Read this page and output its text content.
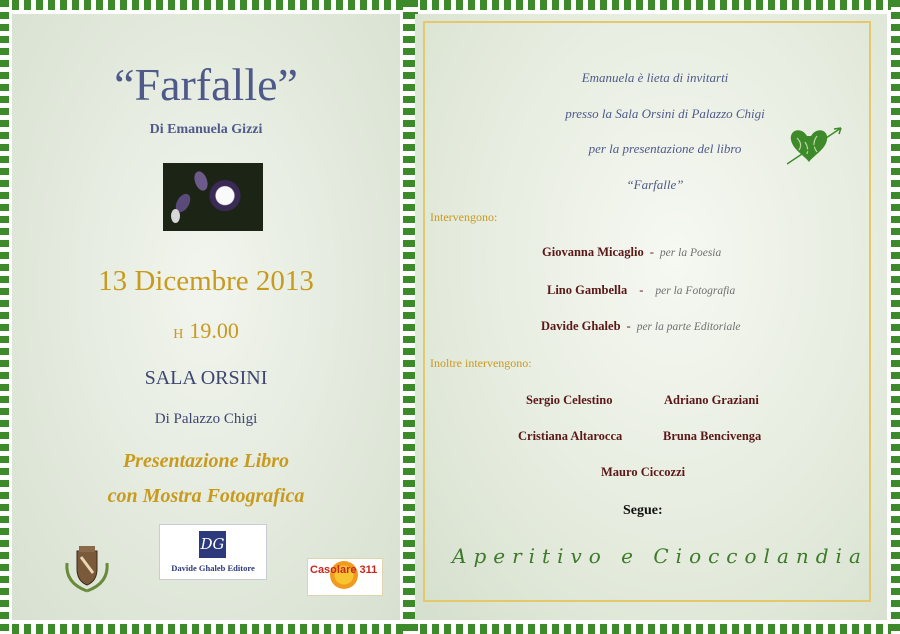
“Farfalle”
Di Emanuela Gizzi
13 Dicembre 2013
H 19.00
SALA ORSINI
Di Palazzo Chigi
Presentazione Libro
con Mostra Fotografica
DG
Davide Ghaleb Editore	Casolare 311
Emanuela è lieta di invitarti
presso la Sala Orsini di Palazzo Chigi
per la presentazione del libro
“Farfalle”
Intervengono:
Giovanna Micaglio - per la Poesia
Lino Gambella - per la Fotografia
Davide Ghaleb - per la parte Editoriale
Inoltre intervengono:
Sergio Celestino	Adriano Graziani
Cristiana Altarocca	Bruna Bencivenga
Mauro Ciccozzi
Segue:
Aperitivo e Cioccolandia
